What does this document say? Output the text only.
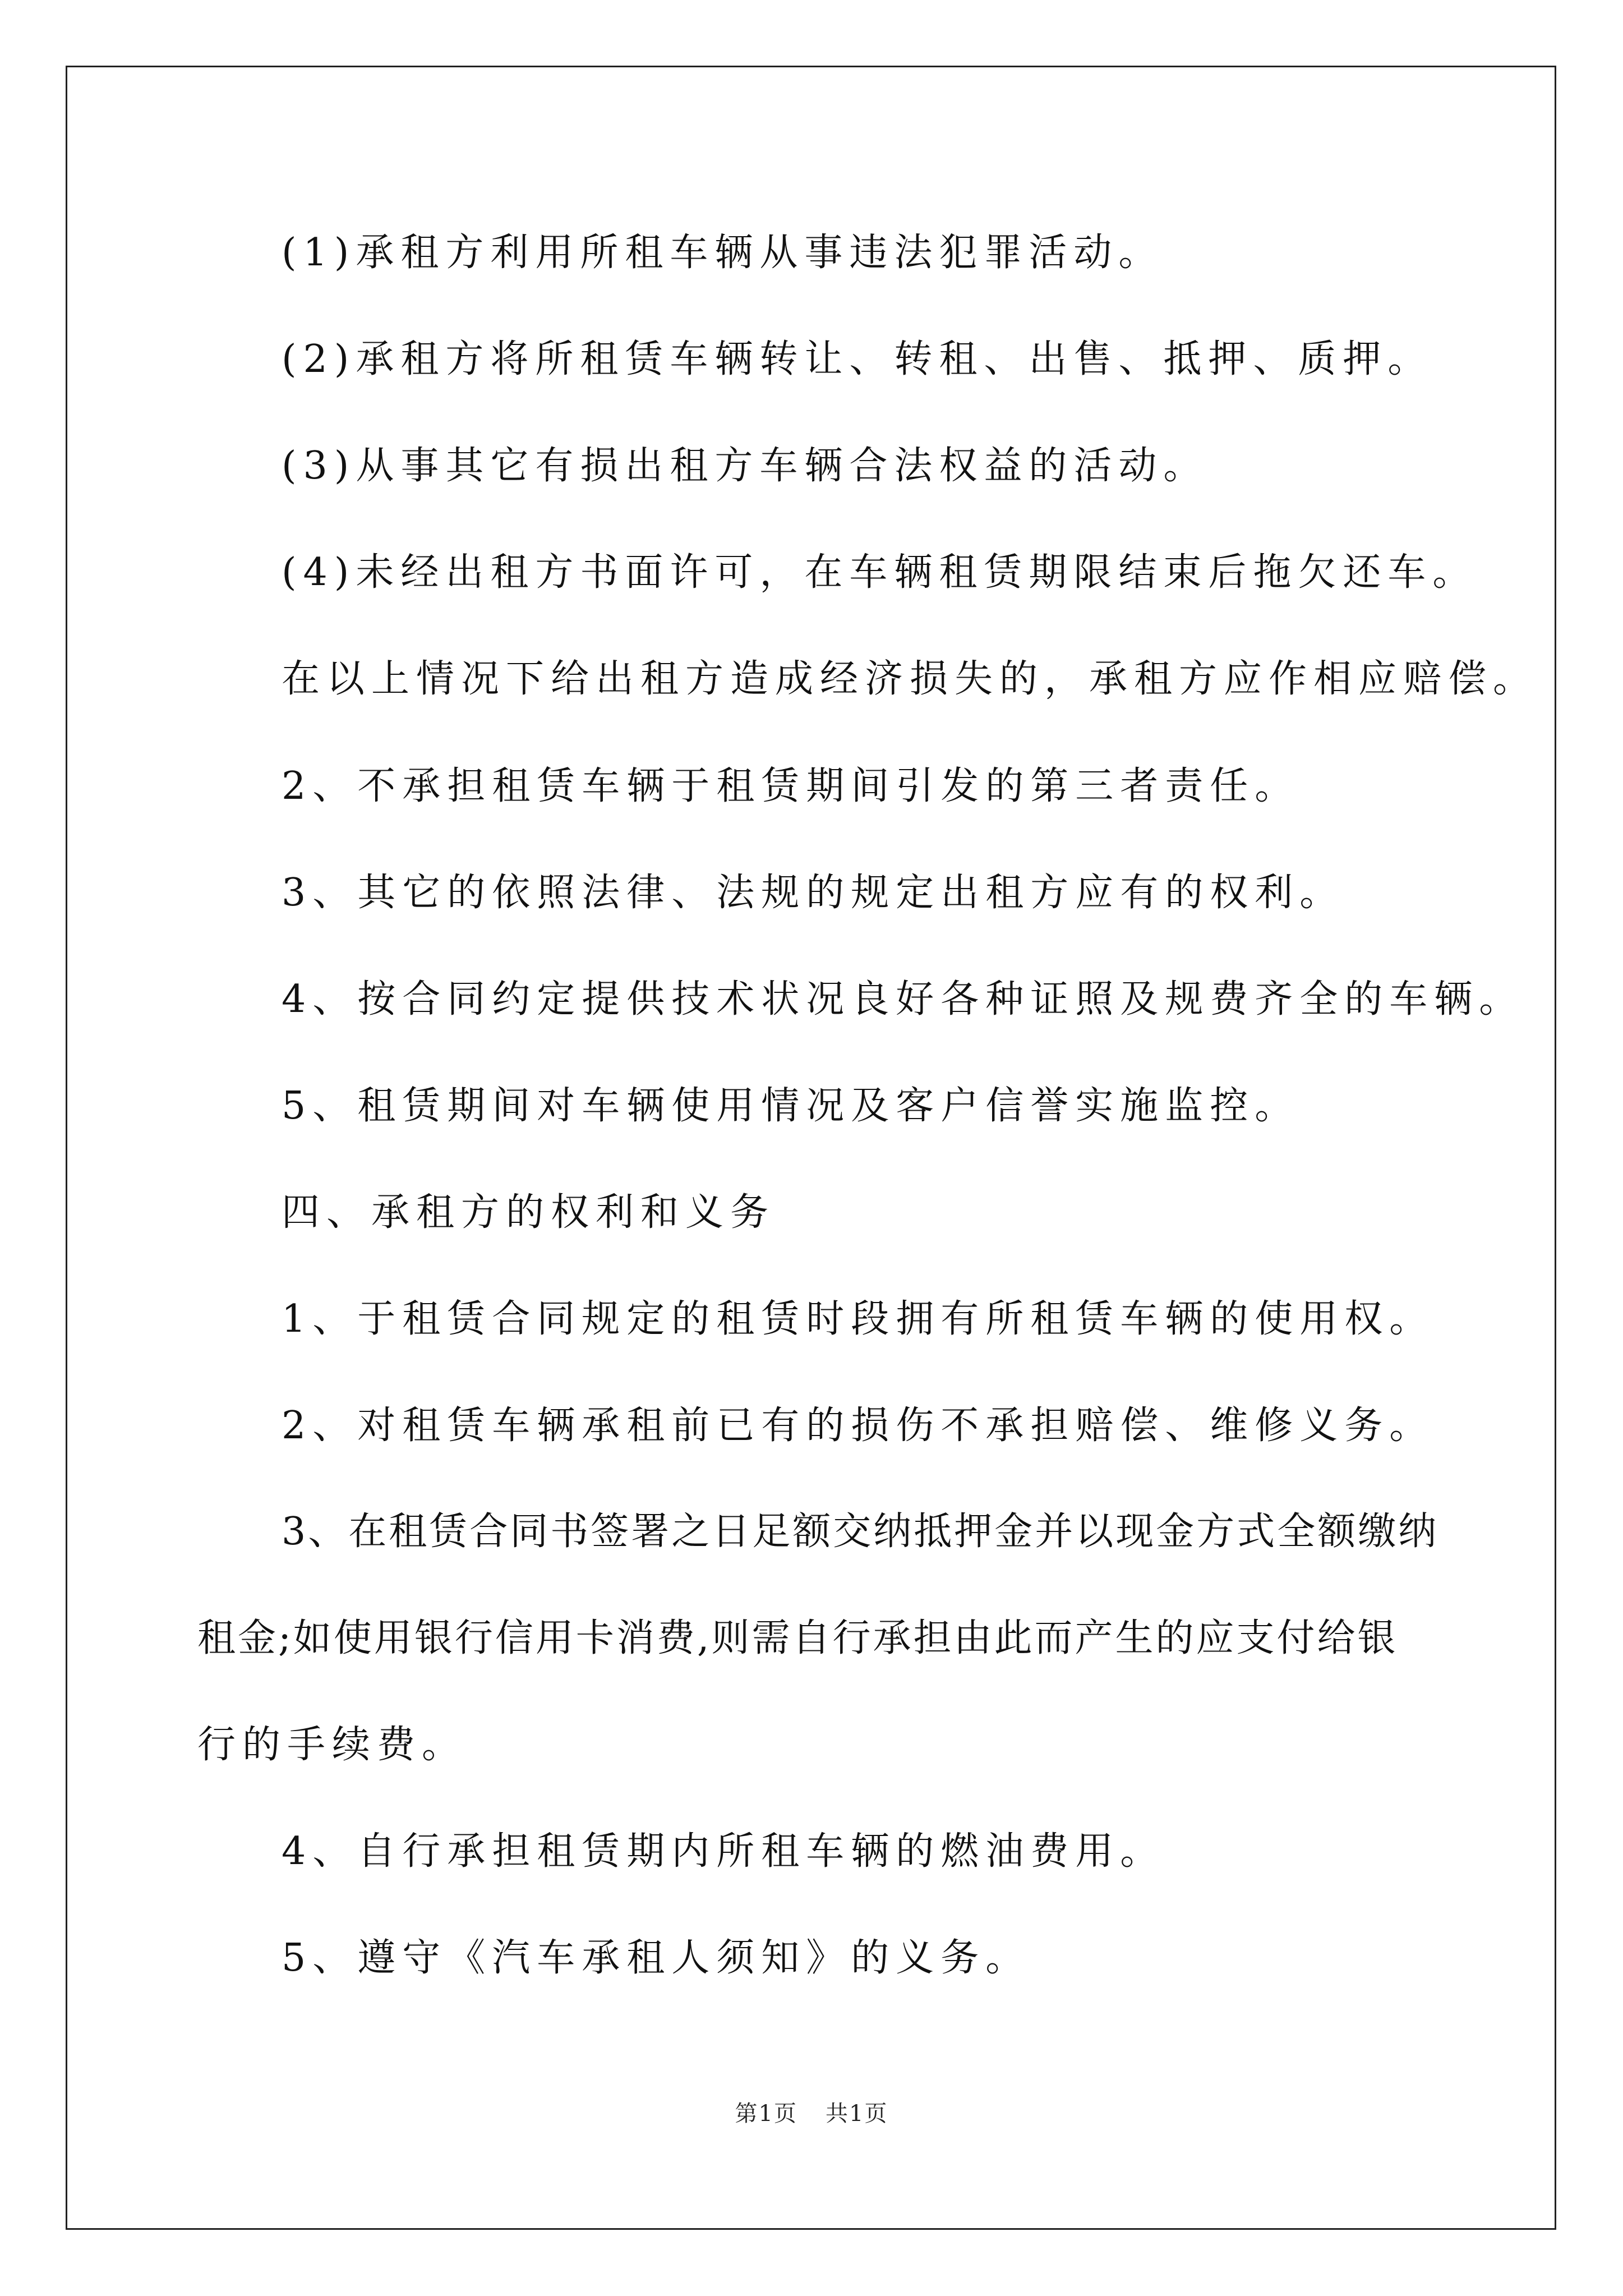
(1)承租方利用所租车辆从事违法犯罪活动。
(2)承租方将所租赁车辆转让、转租、出售、抵押、质押。
(3)从事其它有损出租方车辆合法权益的活动。
(4)未经出租方书面许可，在车辆租赁期限结束后拖欠还车。
在以上情况下给出租方造成经济损失的，承租方应作相应赔偿。
2、不承担租赁车辆于租赁期间引发的第三者责任。
3、其它的依照法律、法规的规定出租方应有的权利。
4、按合同约定提供技术状况良好各种证照及规费齐全的车辆。
5、租赁期间对车辆使用情况及客户信誉实施监控。
四、承租方的权利和义务
1、于租赁合同规定的租赁时段拥有所租赁车辆的使用权。
2、对租赁车辆承租前已有的损伤不承担赔偿、维修义务。
3、在租赁合同书签署之日足额交纳抵押金并以现金方式全额缴纳
租金;如使用银行信用卡消费,则需自行承担由此而产生的应支付给银
行的手续费。
4、自行承担租赁期内所租车辆的燃油费用。
5、遵守《汽车承租人须知》的义务。
第1页 共1页
